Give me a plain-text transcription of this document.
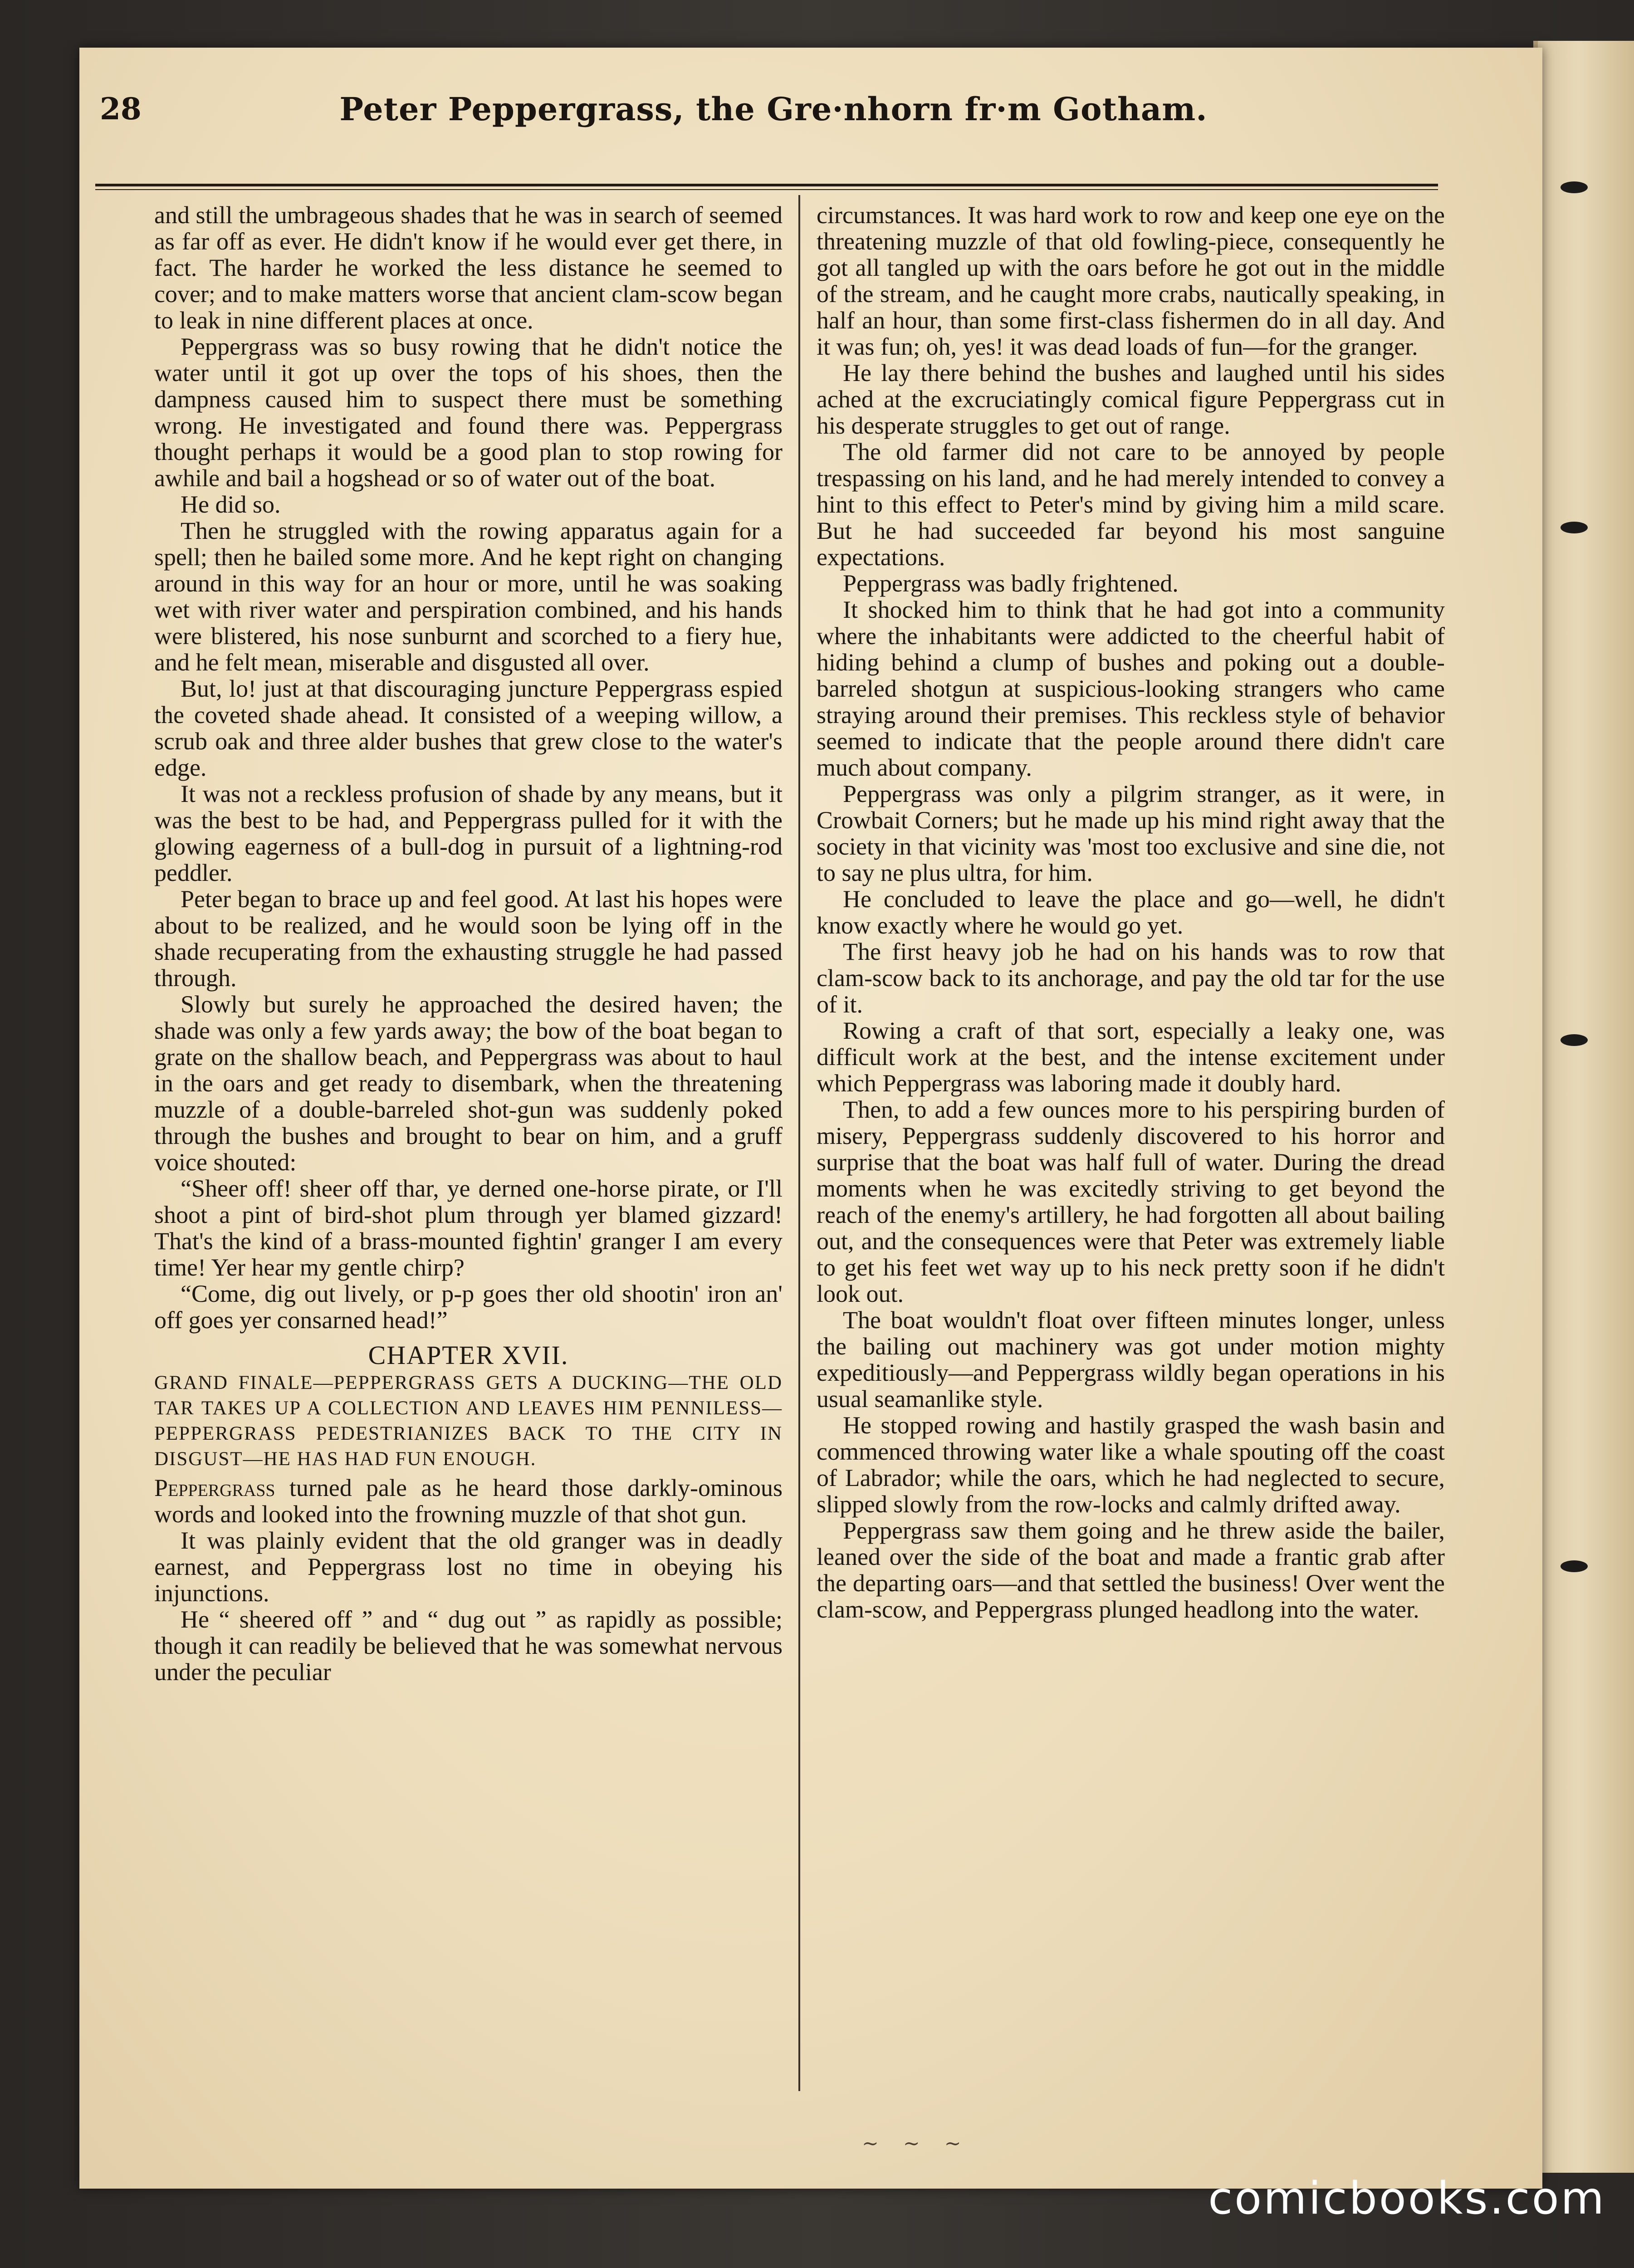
28	Peter Peppergrass, the Gre·nhorn fr·m Gotham.

and still the umbrageous shades that he was in search of seemed as far off as ever. He didn't know if he would ever get there, in fact. The harder he worked the less distance he seemed to cover; and to make matters worse that ancient clam-scow began to leak in nine different places at once.

Peppergrass was so busy rowing that he didn't notice the water until it got up over the tops of his shoes, then the dampness caused him to suspect there must be something wrong. He investigated and found there was. Peppergrass thought perhaps it would be a good plan to stop rowing for awhile and bail a hogshead or so of water out of the boat.

He did so.

Then he struggled with the rowing apparatus again for a spell; then he bailed some more. And he kept right on changing around in this way for an hour or more, until he was soaking wet with river water and perspiration combined, and his hands were blistered, his nose sunburnt and scorched to a fiery hue, and he felt mean, miserable and disgusted all over.

But, lo! just at that discouraging juncture Peppergrass espied the coveted shade ahead. It consisted of a weeping willow, a scrub oak and three alder bushes that grew close to the water's edge.

It was not a reckless profusion of shade by any means, but it was the best to be had, and Peppergrass pulled for it with the glowing eagerness of a bull-dog in pursuit of a lightning-rod peddler.

Peter began to brace up and feel good. At last his hopes were about to be realized, and he would soon be lying off in the shade recuperating from the exhausting struggle he had passed through.

Slowly but surely he approached the desired haven; the shade was only a few yards away; the bow of the boat began to grate on the shallow beach, and Peppergrass was about to haul in the oars and get ready to disembark, when the threatening muzzle of a double-barreled shot-gun was suddenly poked through the bushes and brought to bear on him, and a gruff voice shouted:

“Sheer off! sheer off thar, ye derned one-horse pirate, or I'll shoot a pint of bird-shot plum through yer blamed gizzard! That's the kind of a brass-mounted fightin' granger I am every time! Yer hear my gentle chirp?

“Come, dig out lively, or p-p goes ther old shootin' iron an' off goes yer consarned head!”

CHAPTER XVII.
GRAND FINALE—PEPPERGRASS GETS A DUCKING—THE OLD TAR TAKES UP A COLLECTION AND LEAVES HIM PENNILESS—PEPPERGRASS PEDESTRIANIZES BACK TO THE CITY IN DISGUST—HE HAS HAD FUN ENOUGH.

Peppergrass turned pale as he heard those darkly-ominous words and looked into the frowning muzzle of that shot gun.

It was plainly evident that the old granger was in deadly earnest, and Peppergrass lost no time in obeying his injunctions.

He “ sheered off ” and “ dug out ” as rapidly as possible; though it can readily be believed that he was somewhat nervous under the peculiar

circumstances. It was hard work to row and keep one eye on the threatening muzzle of that old fowling-piece, consequently he got all tangled up with the oars before he got out in the middle of the stream, and he caught more crabs, nautically speaking, in half an hour, than some first-class fishermen do in all day. And it was fun; oh, yes! it was dead loads of fun—for the granger.

He lay there behind the bushes and laughed until his sides ached at the excruciatingly comical figure Peppergrass cut in his desperate struggles to get out of range.

The old farmer did not care to be annoyed by people trespassing on his land, and he had merely intended to convey a hint to this effect to Peter's mind by giving him a mild scare. But he had succeeded far beyond his most sanguine expectations.

Peppergrass was badly frightened.

It shocked him to think that he had got into a community where the inhabitants were addicted to the cheerful habit of hiding behind a clump of bushes and poking out a double-barreled shotgun at suspicious-looking strangers who came straying around their premises. This reckless style of behavior seemed to indicate that the people around there didn't care much about company.

Peppergrass was only a pilgrim stranger, as it were, in Crowbait Corners; but he made up his mind right away that the society in that vicinity was 'most too exclusive and sine die, not to say ne plus ultra, for him.

He concluded to leave the place and go—well, he didn't know exactly where he would go yet.

The first heavy job he had on his hands was to row that clam-scow back to its anchorage, and pay the old tar for the use of it.

Rowing a craft of that sort, especially a leaky one, was difficult work at the best, and the intense excitement under which Peppergrass was laboring made it doubly hard.

Then, to add a few ounces more to his perspiring burden of misery, Peppergrass suddenly discovered to his horror and surprise that the boat was half full of water. During the dread moments when he was excitedly striving to get beyond the reach of the enemy's artillery, he had forgotten all about bailing out, and the consequences were that Peter was extremely liable to get his feet wet way up to his neck pretty soon if he didn't look out.

The boat wouldn't float over fifteen minutes longer, unless the bailing out machinery was got under motion mighty expeditiously—and Peppergrass wildly began operations in his usual seamanlike style.

He stopped rowing and hastily grasped the wash basin and commenced throwing water like a whale spouting off the coast of Labrador; while the oars, which he had neglected to secure, slipped slowly from the row-locks and calmly drifted away.

Peppergrass saw them going and he threw aside the bailer, leaned over the side of the boat and made a frantic grab after the departing oars—and that settled the business! Over went the clam-scow, and Peppergrass plunged headlong into the water.

~ ~ ~
comicbooks.com
